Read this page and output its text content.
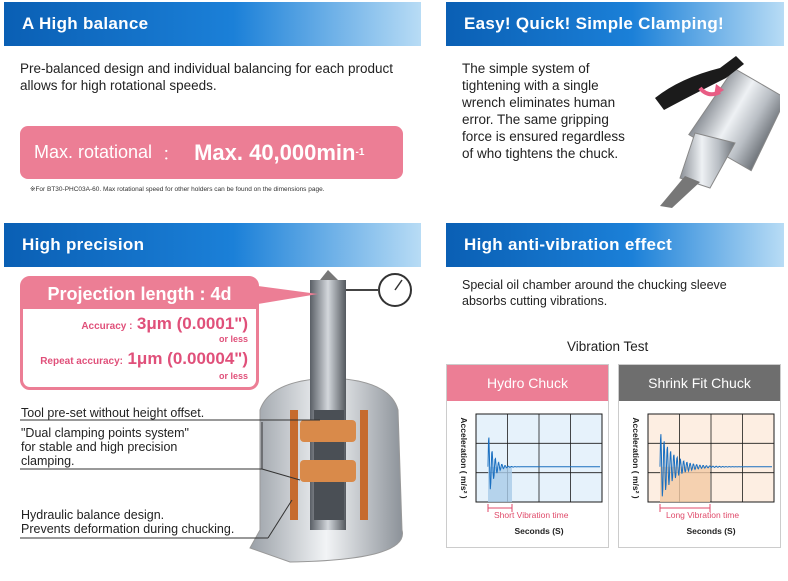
A High balance
Pre-balanced design and individual balancing for each product allows for high rotational speeds.
Max. rotational ： Max. 40,000min -1
※For BT30-PHC03A-60. Max rotational speed for other holders can be found on the dimensions page.
Easy! Quick! Simple Clamping!
The simple system of
tightening with a single
wrench eliminates human
error. The same gripping
force is ensured regardless
of who tightens the chuck.
High precision
Projection length : 4d
Accuracy : 3μm (0.0001")
or less
Repeat accuracy: 1μm (0.00004")
or less
Tool pre-set without height offset.
"Dual clamping points system"
for stable and high precision
clamping.
Hydraulic balance design.
Prevents deformation during chucking.
High anti-vibration effect
Special oil chamber around the chucking sleeve
absorbs cutting vibrations.
Vibration Test
Hydro Chuck
Short Vibration time
Seconds (S)
Acceleration ( m/s² )
Shrink Fit Chuck
Long Vibration time
Seconds (S)
Acceleration ( m/s² )
